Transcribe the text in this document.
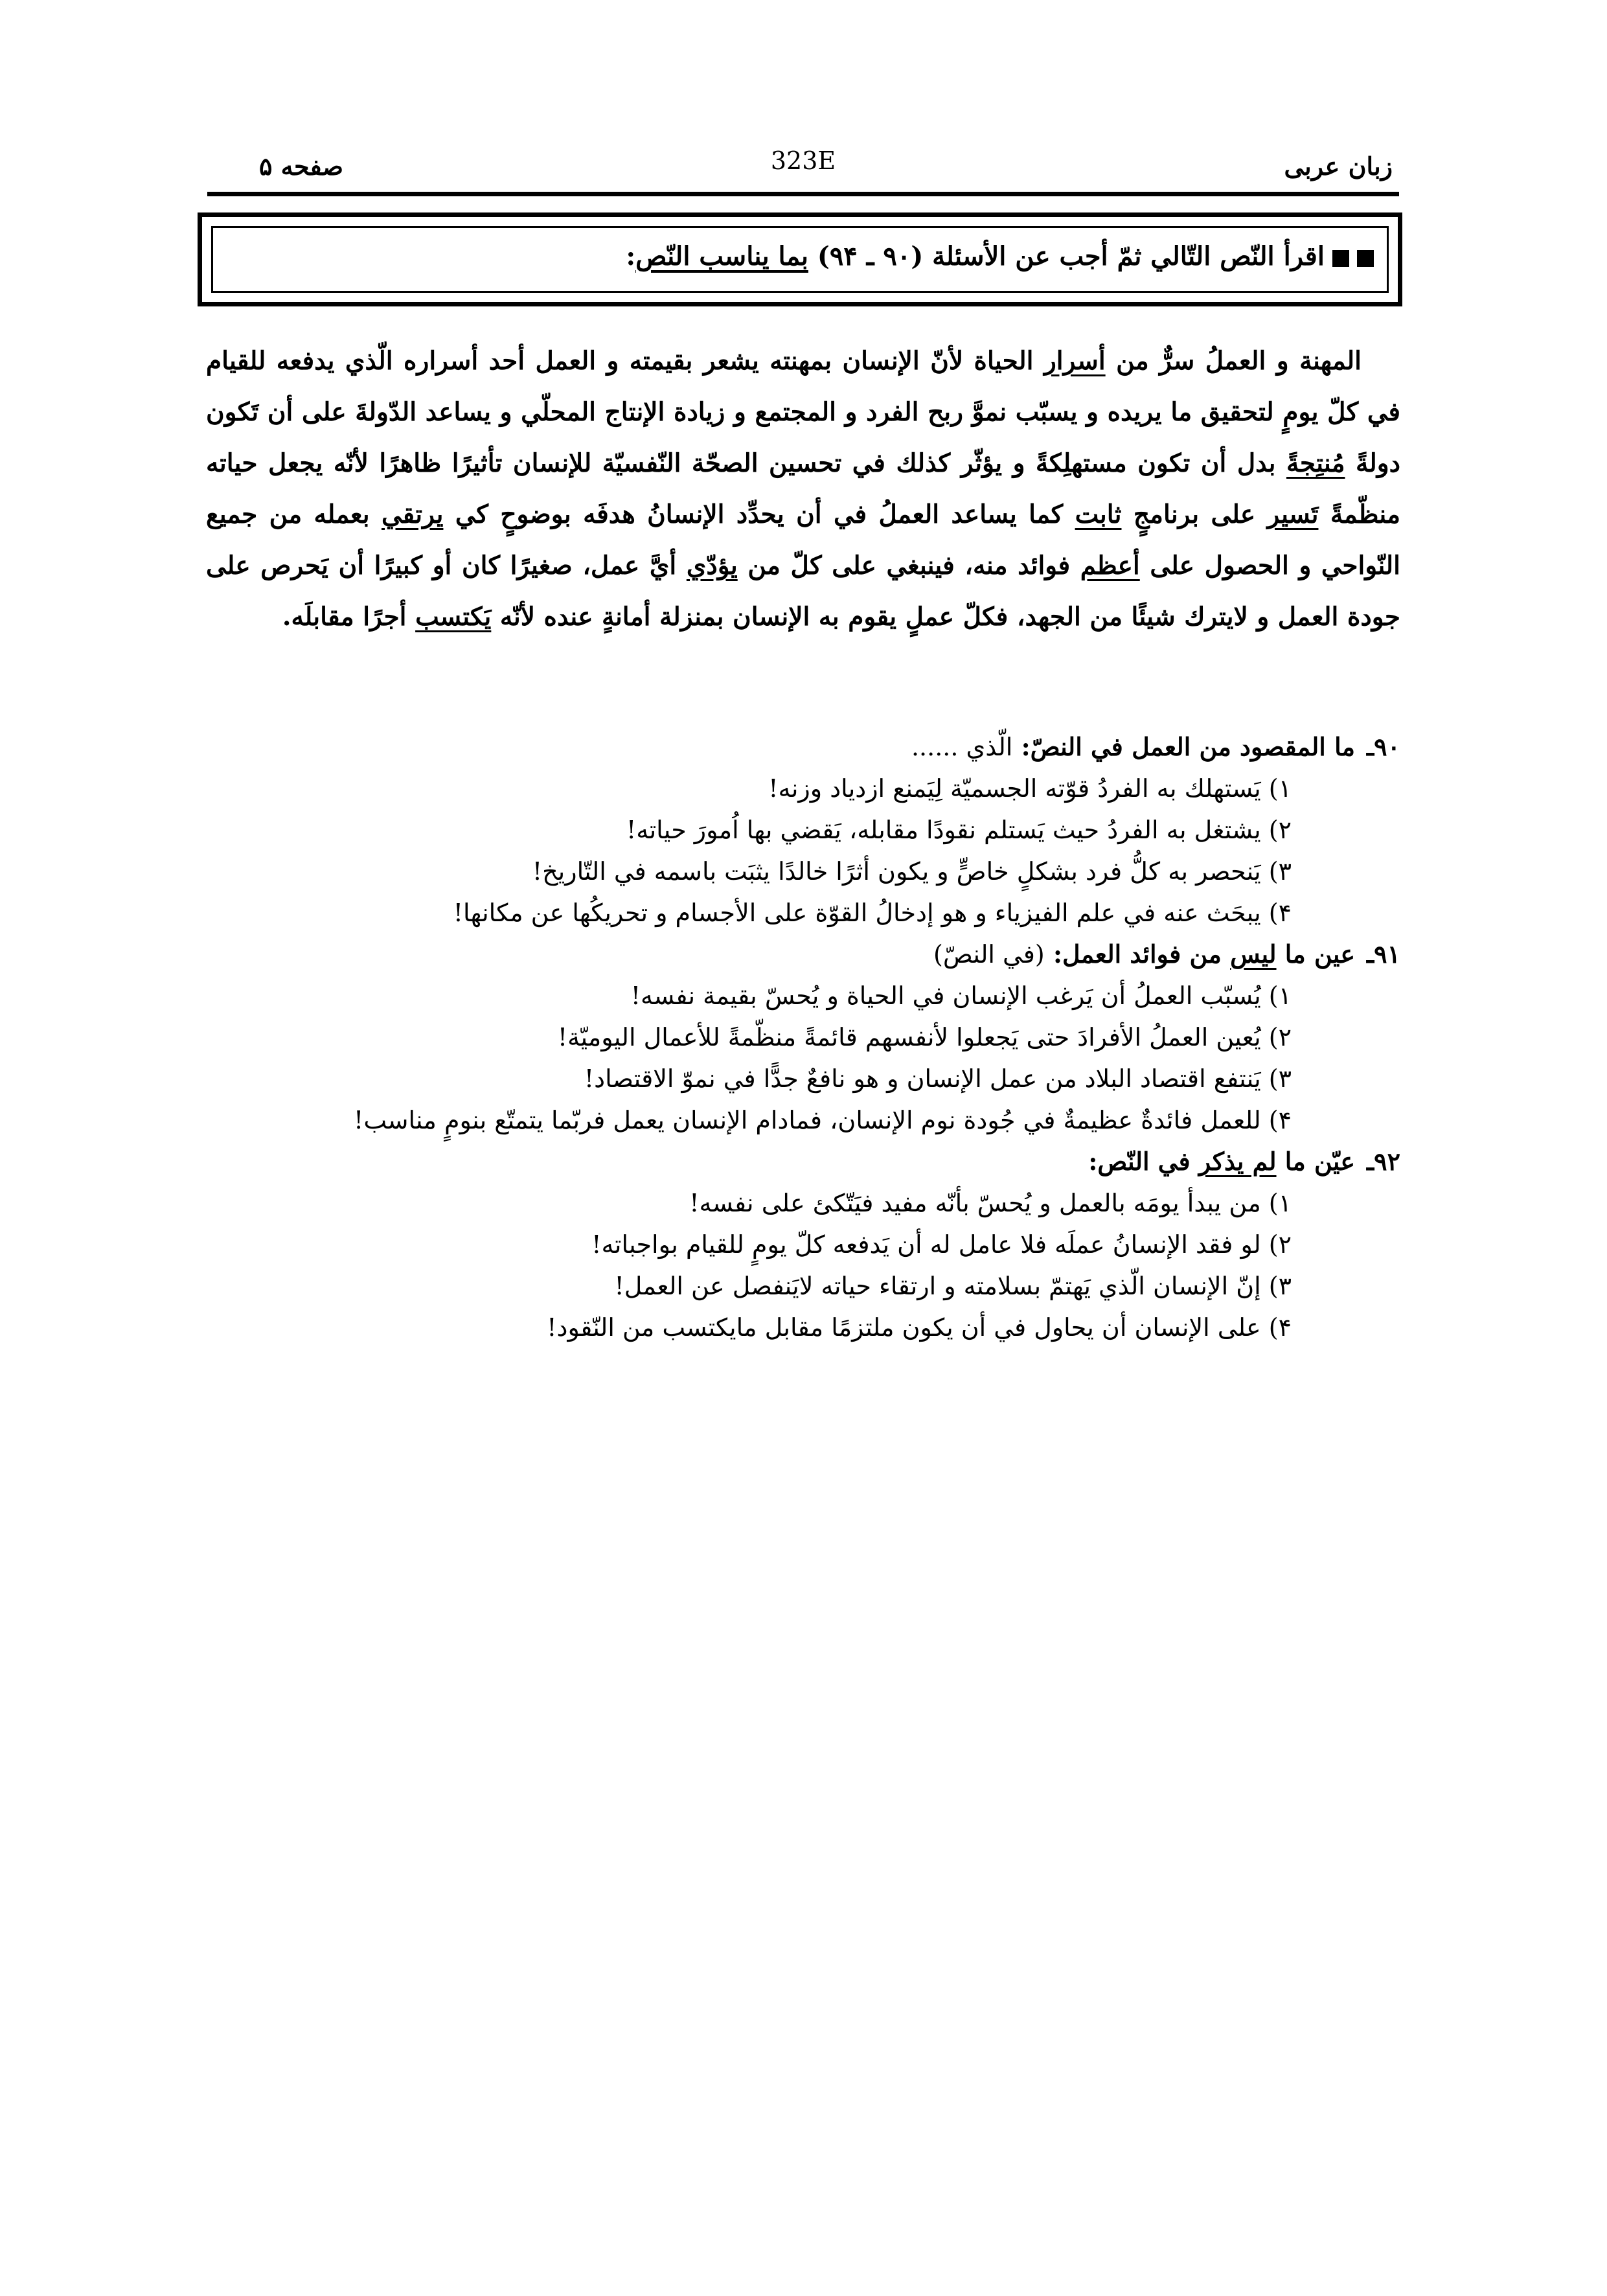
زبان عربی
323E
صفحه ۵
اقرأ النّص التّالي ثمّ أجب عن الأسئلة (۹۰ ـ ۹۴) بما يناسب النّص:

المهنة و العملُ سرٌّ من أسرار الحياة لأنّ الإنسان بمهنته يشعر بقيمته و العمل أحد أسراره الّذي يدفعه للقيام في كلّ يومٍ لتحقيق ما يريده و يسبّب نموَّ ربح الفرد و المجتمع و زيادة الإنتاج المحلّي و يساعد الدّولةَ على أن تَكون دولةً مُنتِجةً بدل أن تكون مستهلِكةً و يؤثّر كذلك في تحسين الصحّة النّفسيّة للإنسان تأثيرًا ظاهرًا لأنّه يجعل حياته منظّمةً تَسير على برنامجٍ ثابت كما يساعد العملُ في أن يحدِّد الإنسانُ هدفَه بوضوحٍ كي يرتقي بعمله من جميع النّواحي و الحصول على أعظم فوائد منه، فينبغي على كلّ من يؤدّي أيَّ عمل، صغيرًا كان أو كبيرًا أن يَحرص على جودة العمل و لايترك شيئًا من الجهد، فكلّ عملٍ يقوم به الإنسان بمنزلة أمانةٍ عنده لأنّه يَكتسب أجرًا مقابلَه.

۹۰ـما المقصود من العمل في النصّ: الّذي ......
۱) يَستهلك به الفردُ قوّته الجسميّة لِيَمنع ازدياد وزنه!
۲) يشتغل به الفردُ حيث يَستلم نقودًا مقابله، يَقضي بها اُمورَ حياته!
۳) يَنحصر به كلُّ فرد بشكلٍ خاصٍّ و يكون أثرًا خالدًا يثبَت باسمه في التّاريخ!
۴) يبحَث عنه في علم الفيزياء و هو إدخالُ القوّة على الأجسام و تحريكُها عن مكانها!
۹۱ـعين ما ليس من فوائد العمل: (في النصّ)
۱) يُسبّب العملُ أن يَرغب الإنسان في الحياة و يُحسّ بقيمة نفسه!
۲) يُعين العملُ الأفرادَ حتى يَجعلوا لأنفسهم قائمةً منظّمةً للأعمال اليوميّة!
۳) يَنتفع اقتصاد البلاد من عمل الإنسان و هو نافعٌ جدًّا في نموّ الاقتصاد!
۴) للعمل فائدةٌ عظيمةٌ في جُودة نوم الإنسان، فمادام الإنسان يعمل فربّما يتمتّع بنومٍ مناسب!
۹۲ـعيّن ما لم يذكر في النّص:
۱) من يبدأ يومَه بالعمل و يُحسّ بأنّه مفيد فيَتّكئ على نفسه!
۲) لو فقد الإنسانُ عملَه فلا عامل له أن يَدفعه كلّ يومٍ للقيام بواجباته!
۳) إنّ الإنسان الّذي يَهتمّ بسلامته و ارتقاء حياته لايَنفصل عن العمل!
۴) على الإنسان أن يحاول في أن يكون ملتزمًا مقابل مايكتسب من النّقود!
